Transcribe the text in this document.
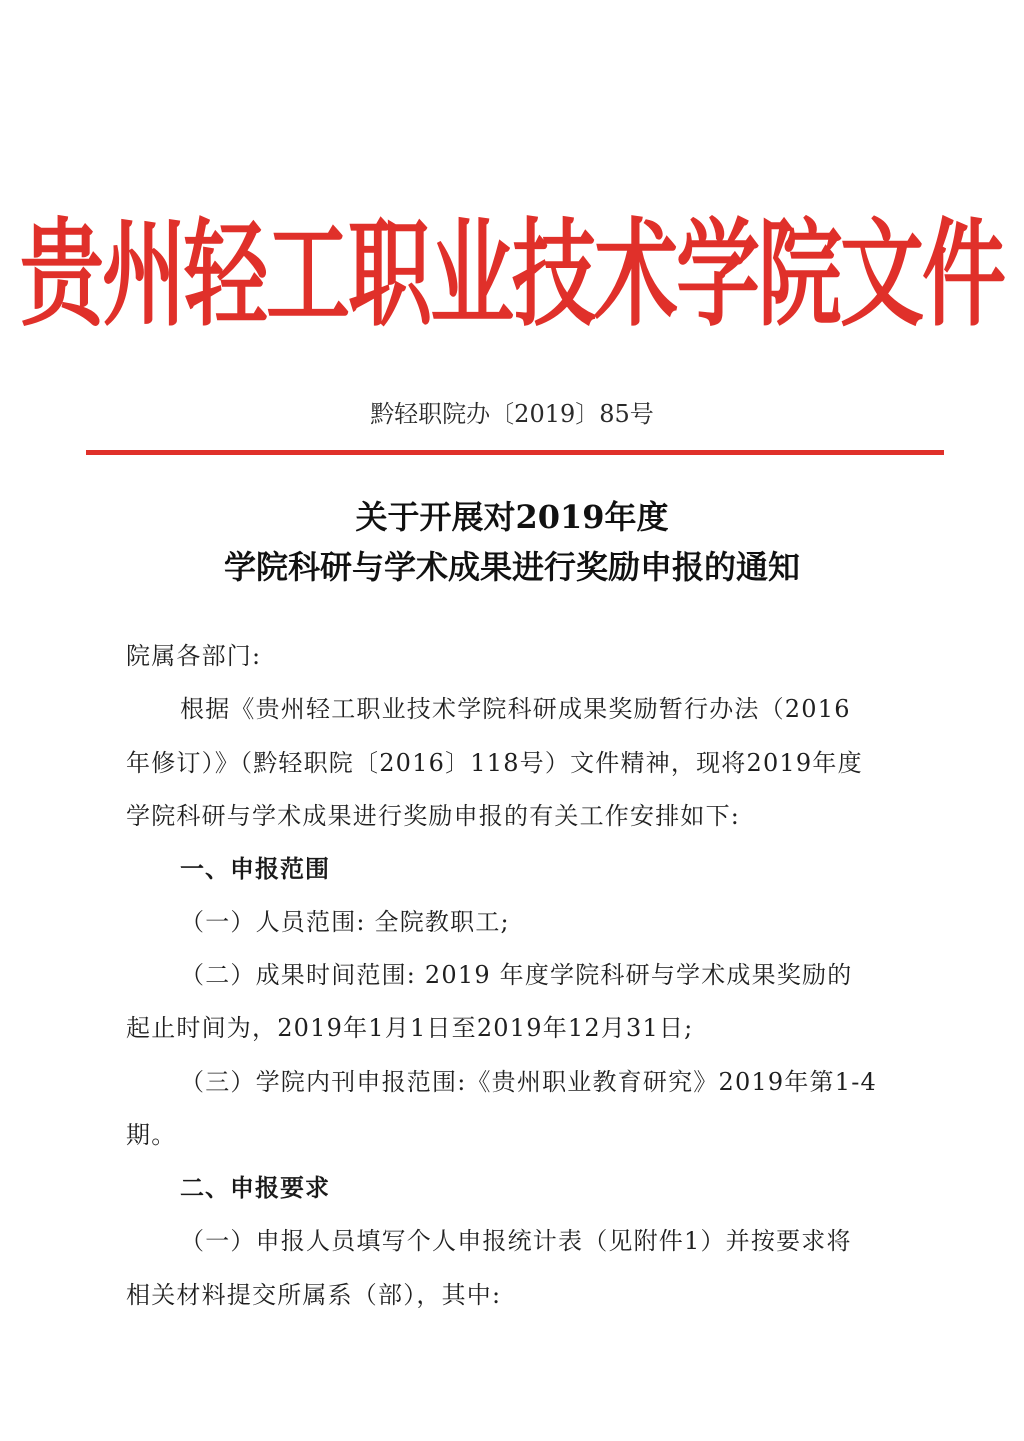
贵州轻工职业技术学院文件
黔轻职院办〔2019〕85号
关于开展对2019年度
学院科研与学术成果进行奖励申报的通知
院属各部门:
根据《贵州轻工职业技术学院科研成果奖励暂行办法（2016
年修订）》（黔轻职院〔2016〕118号）文件精神，现将2019年度
学院科研与学术成果进行奖励申报的有关工作安排如下:
一、申报范围
（一）人员范围: 全院教职工;
（二）成果时间范围: 2019 年度学院科研与学术成果奖励的
起止时间为，2019年1月1日至2019年12月31日;
（三）学院内刊申报范围:《贵州职业教育研究》2019年第1-4
期。
二、申报要求
（一）申报人员填写个人申报统计表（见附件1）并按要求将
相关材料提交所属系（部），其中:
